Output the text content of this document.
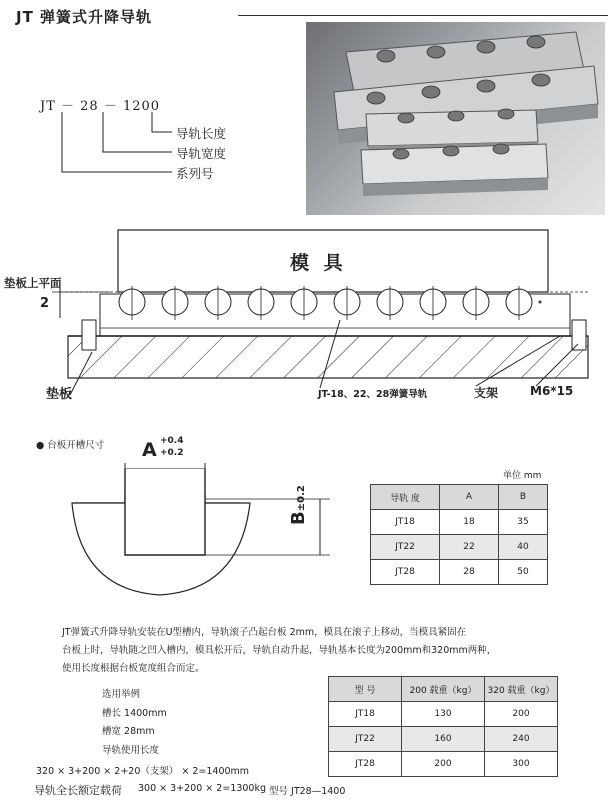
JT 弹簧式升降导轨
JT － 28 － 1200
导轨长度
导轨宽度
系列号
模 具
垫板上平面
2
垫板	JT-18、22、28弹簧导轨	支架	M6*15
● 台板开槽尺寸 A +0.4
+0.2
B±0.2
单位 mm
导轨 度	A	B
JT18	18	35
JT22	22	40
JT28	28	50
JT弹簧式升降导轨安装在U型槽内，导轨滚子凸起台板 2mm，模具在滚子上移动，当模具紧固在
台板上时，导轨随之凹入槽内，模具松开后，导轨自动升起，导轨基本长度为200mm和320mm两种，
使用长度根据台板宽度组合而定。
选用举例
槽长 1400mm
槽宽 28mm
导轨使用长度
320 × 3+200 × 2+20（支架） × 2=1400mm
导轨全长额定载荷 300 × 3+200 × 2=1300kg 型号 JT28—1400
型 号	200 载重（kg）	320 载重（kg）
JT18	130	200
JT22	160	240
JT28	200	300
